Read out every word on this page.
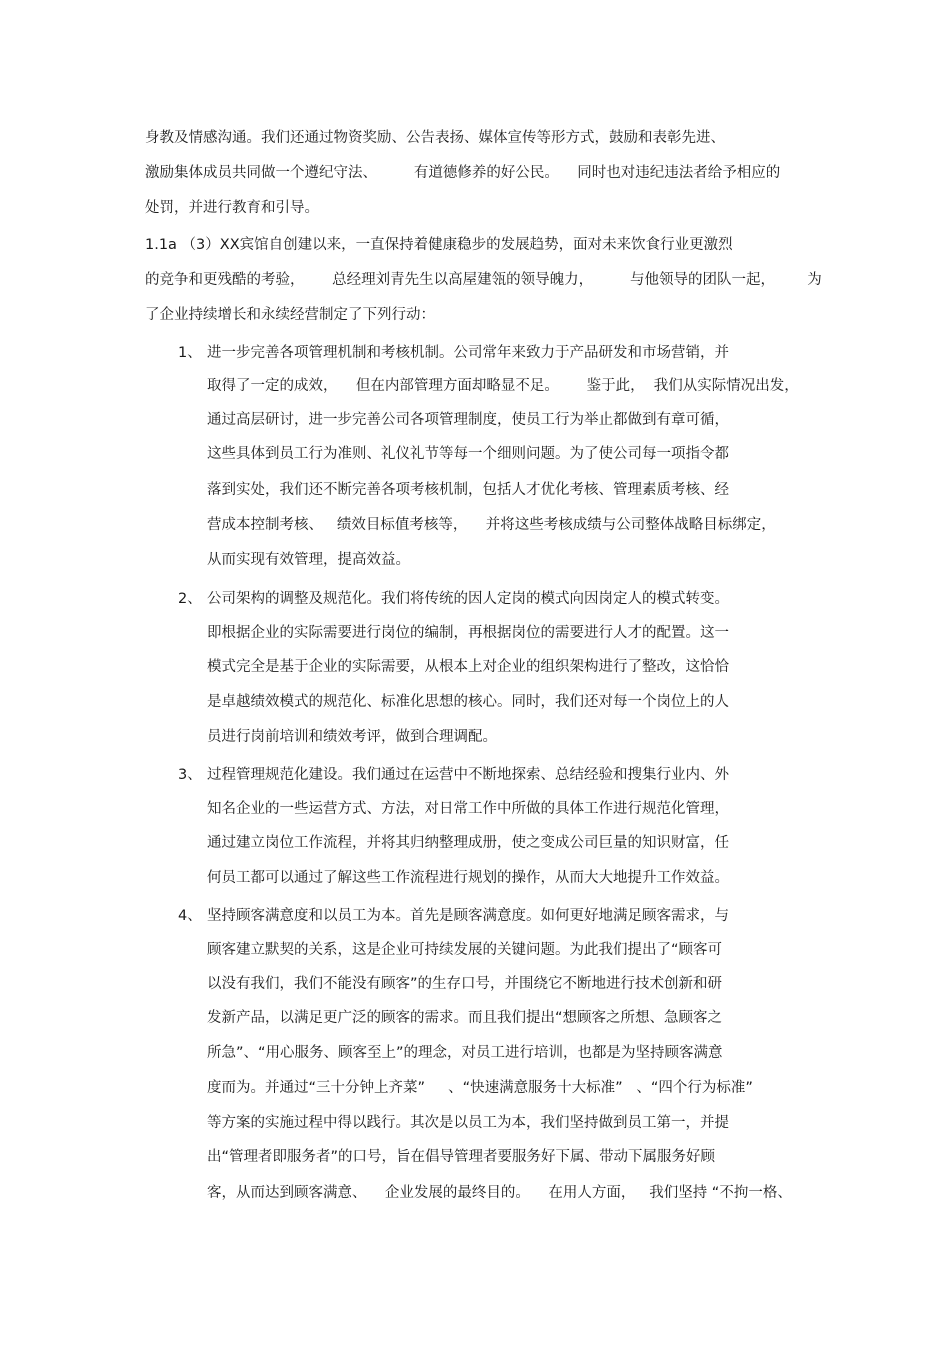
身教及情感沟通。我们还通过物资奖励、公告表扬、媒体宣传等形方式，鼓励和表彰先进、
激励集体成员共同做一个遵纪守法、        有道德修养的好公民。    同时也对违纪违法者给予相应的
处罚，并进行教育和引导。
1.1a （3）XX宾馆自创建以来，一直保持着健康稳步的发展趋势，面对未来饮食行业更激烈
的竞争和更残酷的考验，      总经理刘青先生以高屋建瓴的领导魄力，        与他领导的团队一起，       为
了企业持续增长和永续经营制定了下列行动：
1、 进一步完善各项管理机制和考核机制。公司常年来致力于产品研发和市场营销，并
取得了一定的成效，    但在内部管理方面却略显不足。      鉴于此，  我们从实际情况出发，
通过高层研讨，进一步完善公司各项管理制度，使员工行为举止都做到有章可循，
这些具体到员工行为准则、礼仪礼节等每一个细则问题。为了使公司每一项指令都
落到实处，我们还不断完善各项考核机制，包括人才优化考核、管理素质考核、经
营成本控制考核、   绩效目标值考核等，    并将这些考核成绩与公司整体战略目标绑定，
从而实现有效管理，提高效益。
2、 公司架构的调整及规范化。我们将传统的因人定岗的模式向因岗定人的模式转变。
即根据企业的实际需要进行岗位的编制，再根据岗位的需要进行人才的配置。这一
模式完全是基于企业的实际需要，从根本上对企业的组织架构进行了整改，这恰恰
是卓越绩效模式的规范化、标准化思想的核心。同时，我们还对每一个岗位上的人
员进行岗前培训和绩效考评，做到合理调配。
3、 过程管理规范化建设。我们通过在运营中不断地探索、总结经验和搜集行业内、外
知名企业的一些运营方式、方法，对日常工作中所做的具体工作进行规范化管理，
通过建立岗位工作流程，并将其归纳整理成册，使之变成公司巨量的知识财富，任
何员工都可以通过了解这些工作流程进行规划的操作，从而大大地提升工作效益。
4、 坚持顾客满意度和以员工为本。首先是顾客满意度。如何更好地满足顾客需求，与
顾客建立默契的关系，这是企业可持续发展的关键问题。为此我们提出了“顾客可
以没有我们，我们不能没有顾客”的生存口号，并围绕它不断地进行技术创新和研
发新产品，以满足更广泛的顾客的需求。而且我们提出“想顾客之所想、急顾客之
所急”、“用心服务、顾客至上”的理念，对员工进行培训，也都是为坚持顾客满意
度而为。并通过“三十分钟上齐菜”     、“快速满意服务十大标准”   、“四个行为标准”
等方案的实施过程中得以践行。其次是以员工为本，我们坚持做到员工第一，并提
出“管理者即服务者”的口号，旨在倡导管理者要服务好下属、带动下属服务好顾
客，从而达到顾客满意、    企业发展的最终目的。    在用人方面，   我们坚持 “不拘一格、
